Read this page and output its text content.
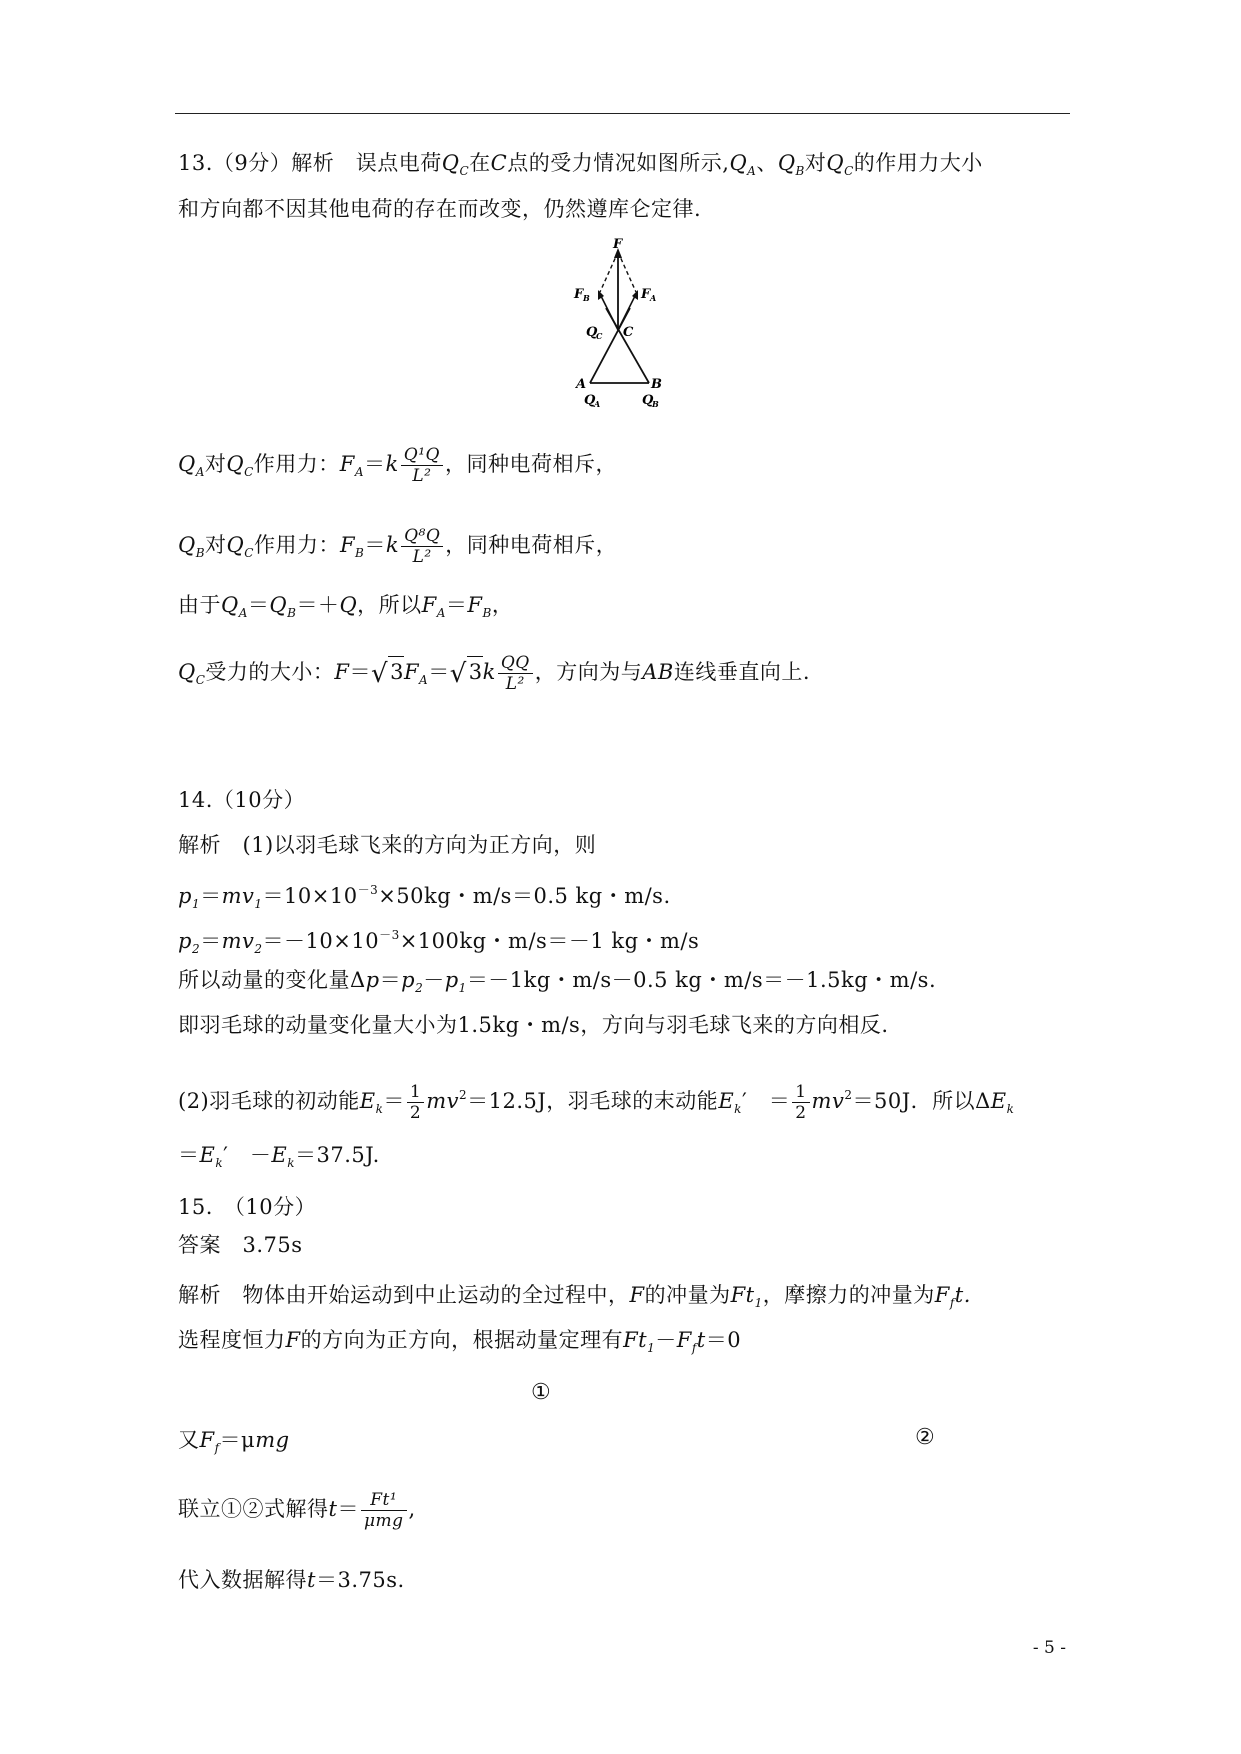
13.（9分）解析　误点电荷$Q_C$在C点的受力情况如图所示$,Q_A$、$Q_B$对$Q_C$的作用力大小
和方向都不因其他电荷的存在而改变，仍然遵库仑定律.
F
F B	F A
Q
C C
A	B
Q
A	Q
B
$Q_A$对$Q_C$作用力：$F_A=k \frac{\text{Q¹Q}}{\text{L²}}$ ，同种电荷相斥，
$Q_B$对$Q_C$作用力：$F_B=k \frac{\text{Q⁸Q}}{\text{L²}}$ ，同种电荷相斥，
由于$Q_A=Q_B=+Q$，所以$F_A=F_B$，
$Q_C$受力的大小：$F=√3F_A=√3k \frac{QQ}{\text{L²}}$ ，方向为与AB连线垂直向上.
14.（10分）
解析　(1)以羽毛球飞来的方向为正方向，则
$p_1=mv_1=10\times 10^{-3}\times 50kg$・m/s＝0.5 kg・m/s.
$p_2=mv_2=-10\times 10^{-3}\times 100kg$・m/s＝－1 kg・m/s
所以动量的变化量$\Delta p=p_2-p_1=-1kg$・m/s－0.5 kg・m/s＝－1.5kg・m/s.
即羽毛球的动量变化量大小为1.5kg・m/s，方向与羽毛球飞来的方向相反.
(2)羽毛球的初动能$E_k= \frac{1}{2} mv^2=12.5J$，羽毛球的末动能$E_k'$　＝ $\frac{1}{2} mv^2=50J$．所以$\Delta E_k$
$=E_k'$　$-E_k=37.5J$.
15.　（10分）
答案　3.75s
解析　物体由开始运动到中止运动的全过程中，F的冲量为$Ft_1$，摩擦力的冲量为$F_ft$.
选程度恒力F的方向为正方向，根据动量定理有$Ft_1-F_ft=0$
①
又$F_f=\mu mg$	②
联立①②式解得$t= \frac{\text{Ft¹}}{\text{μmg}}$ ,
代入数据解得t＝3.75s.
- 5 -
